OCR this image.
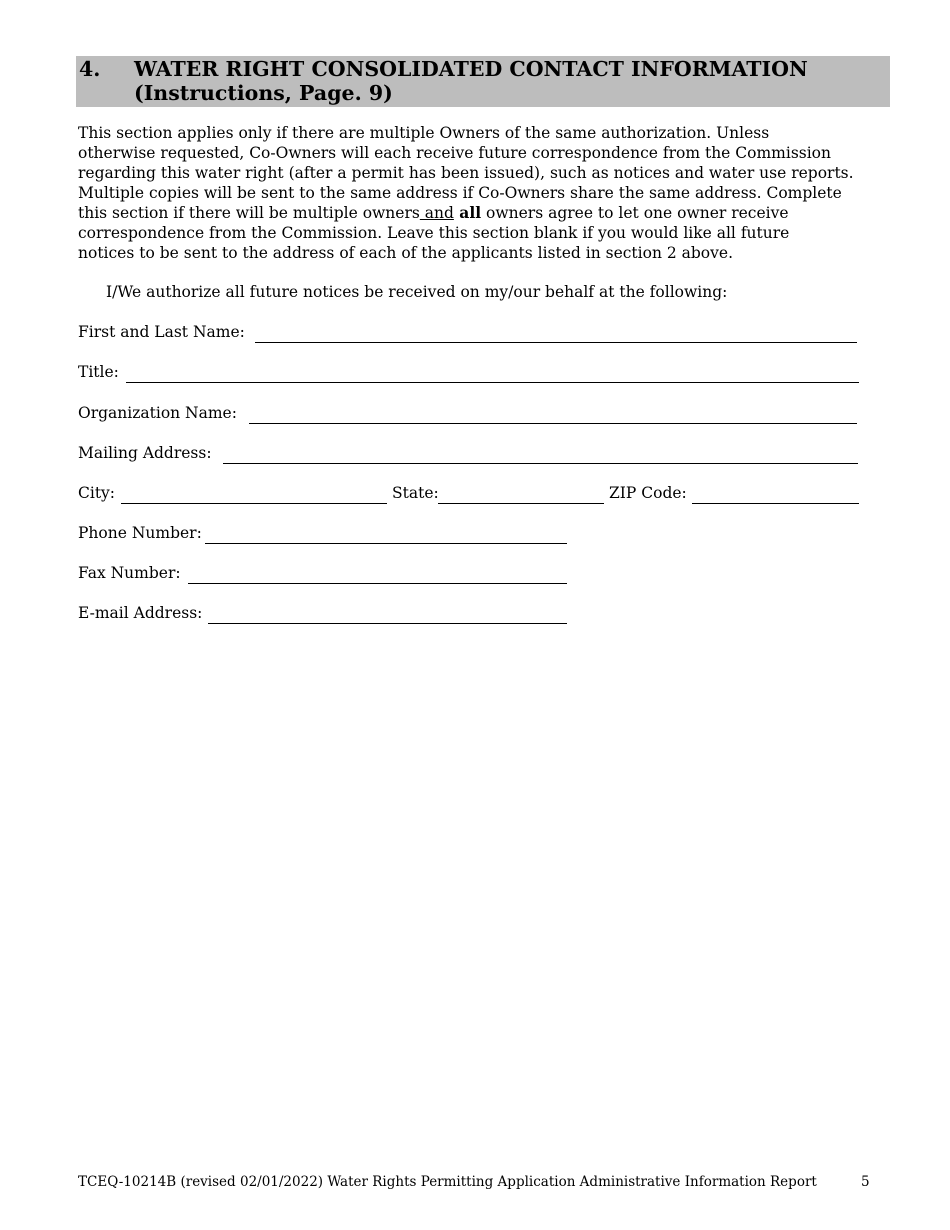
4. WATER RIGHT CONSOLIDATED CONTACT INFORMATION
(Instructions, Page. 9)
This section applies only if there are multiple Owners of the same authorization. Unless
otherwise requested, Co-Owners will each receive future correspondence from the Commission
regarding this water right (after a permit has been issued), such as notices and water use reports.
Multiple copies will be sent to the same address if Co-Owners share the same address. Complete
this section if there will be multiple owners and all owners agree to let one owner receive
correspondence from the Commission. Leave this section blank if you would like all future
notices to be sent to the address of each of the applicants listed in section 2 above.
I/We authorize all future notices be received on my/our behalf at the following:
First and Last Name:
Title:
Organization Name:
Mailing Address:
City:	State:	ZIP Code:
Phone Number:
Fax Number:
E-mail Address:
TCEQ-10214B (revised 02/01/2022) Water Rights Permitting Application Administrative Information Report	5
